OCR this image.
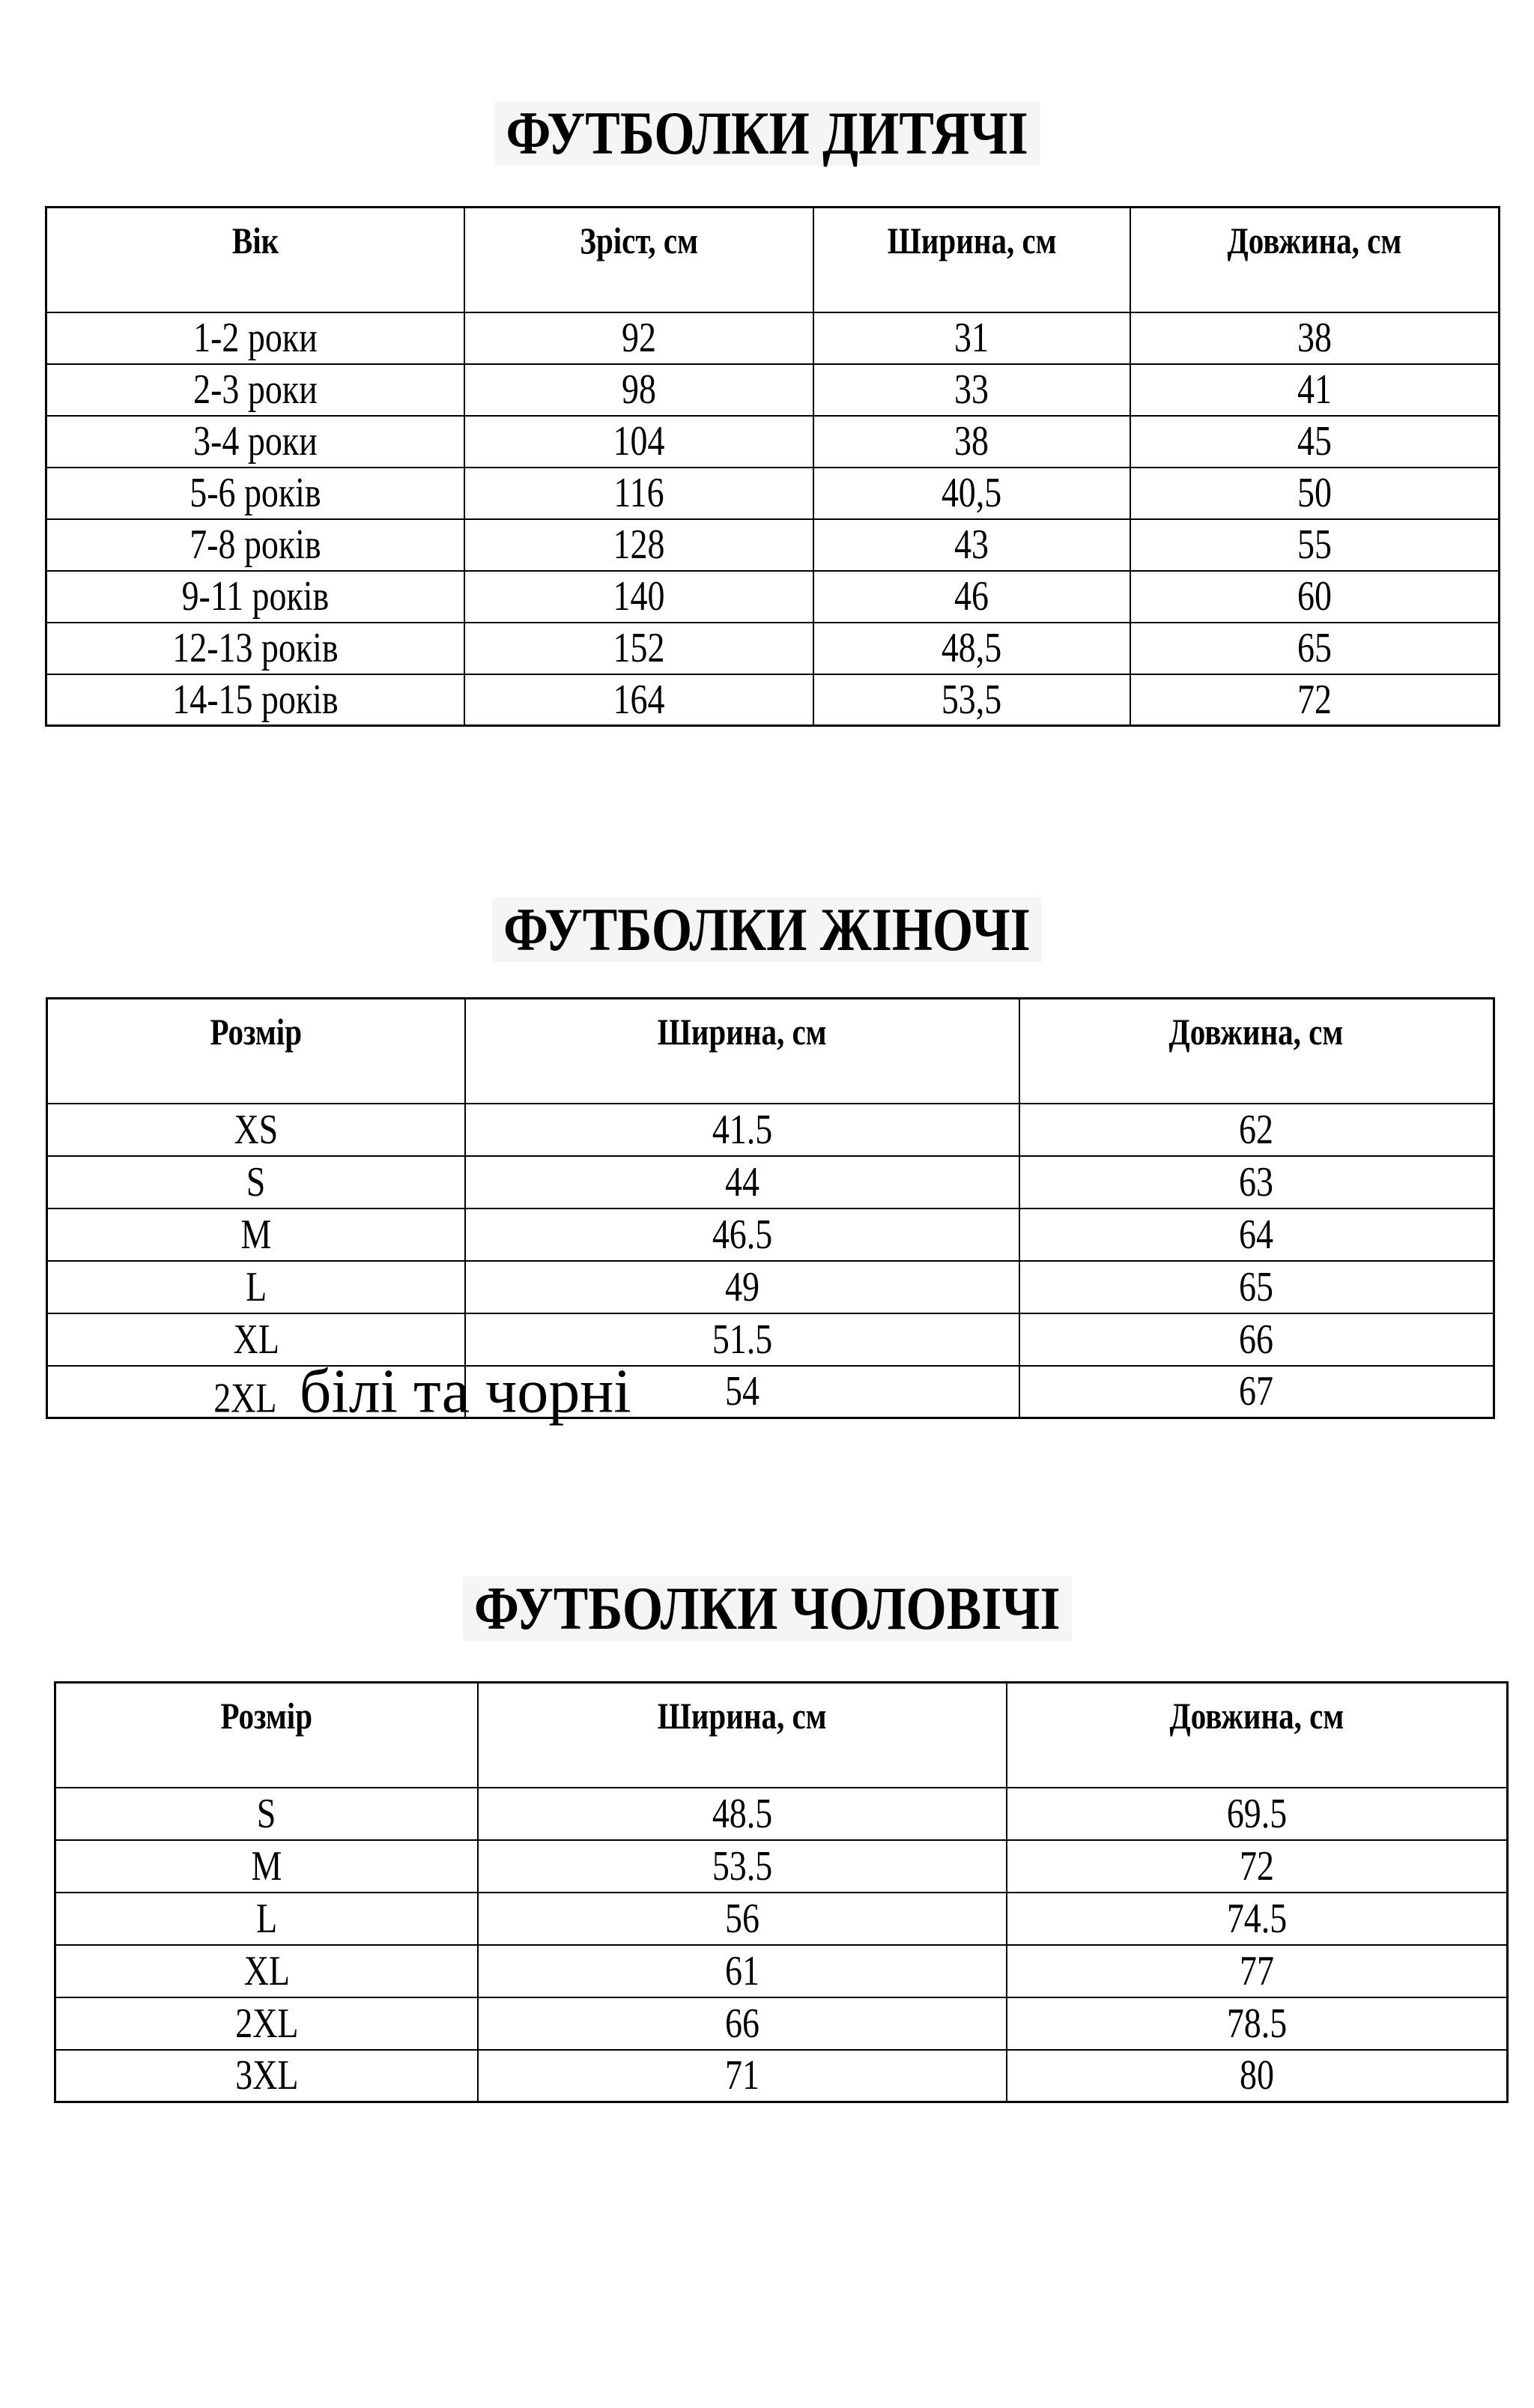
ФУТБОЛКИ ДИТЯЧІ
Вік	Зріст, см	Ширина, см	Довжина, см
1-2 роки	92	31	38
2-3 роки	98	33	41
3-4 роки	104	38	45
5-6 років	116	40,5	50
7-8 років	128	43	55
9-11 років	140	46	60
12-13 років	152	48,5	65
14-15 років	164	53,5	72
ФУТБОЛКИ ЖІНОЧІ
Розмір	Ширина, см	Довжина, см
XS	41.5	62
S	44	63
M	46.5	64
L	49	65
XL	51.5	66

2XL білі та чорні	54	67
ФУТБОЛКИ ЧОЛОВІЧІ
Розмір	Ширина, см	Довжина, см
S	48.5	69.5
M	53.5	72
L	56	74.5
XL	61	77
2XL	66	78.5
3XL	71	80
